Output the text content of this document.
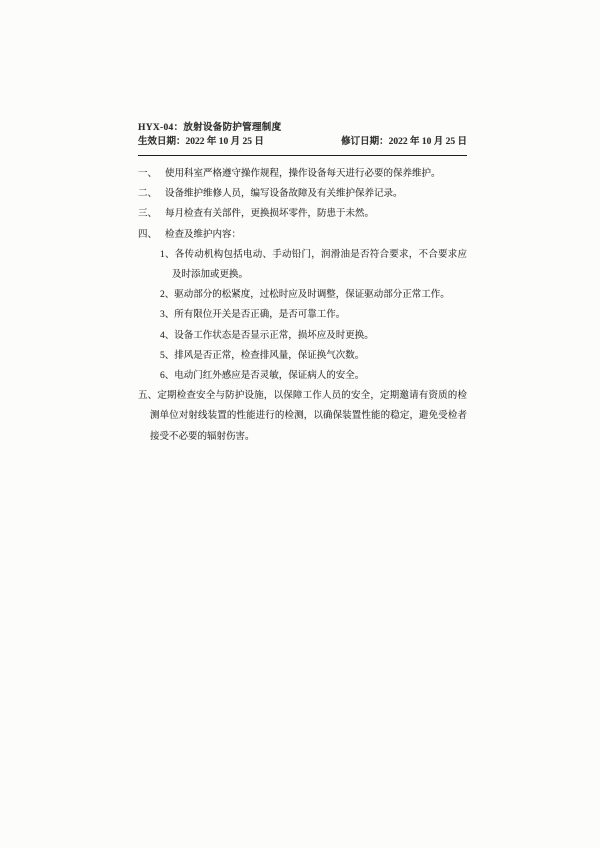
HYX-04：放射设备防护管理制度
生效日期：2022 年 10 月 25 日	修订日期：2022 年 10 月 25 日
一、 使用科室严格遵守操作规程，操作设备每天进行必要的保养维护。
二、 设备维护维修人员，编写设备故障及有关维护保养记录。
三、 每月检查有关部件，更换损坏零件，防患于未然。
四、 检查及维护内容：
1、各传动机构包括电动、手动铅门，润滑油是否符合要求，不合要求应及时添加或更换。
2、驱动部分的松紧度，过松时应及时调整，保证驱动部分正常工作。
3、所有限位开关是否正确，是否可靠工作。
4、设备工作状态是否显示正常，损坏应及时更换。
5、排风是否正常，检查排风量，保证换气次数。
6、电动门红外感应是否灵敏，保证病人的安全。
五、定期检查安全与防护设施，以保障工作人员的安全，定期邀请有资质的检测单位对射线装置的性能进行的检测，以确保装置性能的稳定，避免受检者接受不必要的辐射伤害。
